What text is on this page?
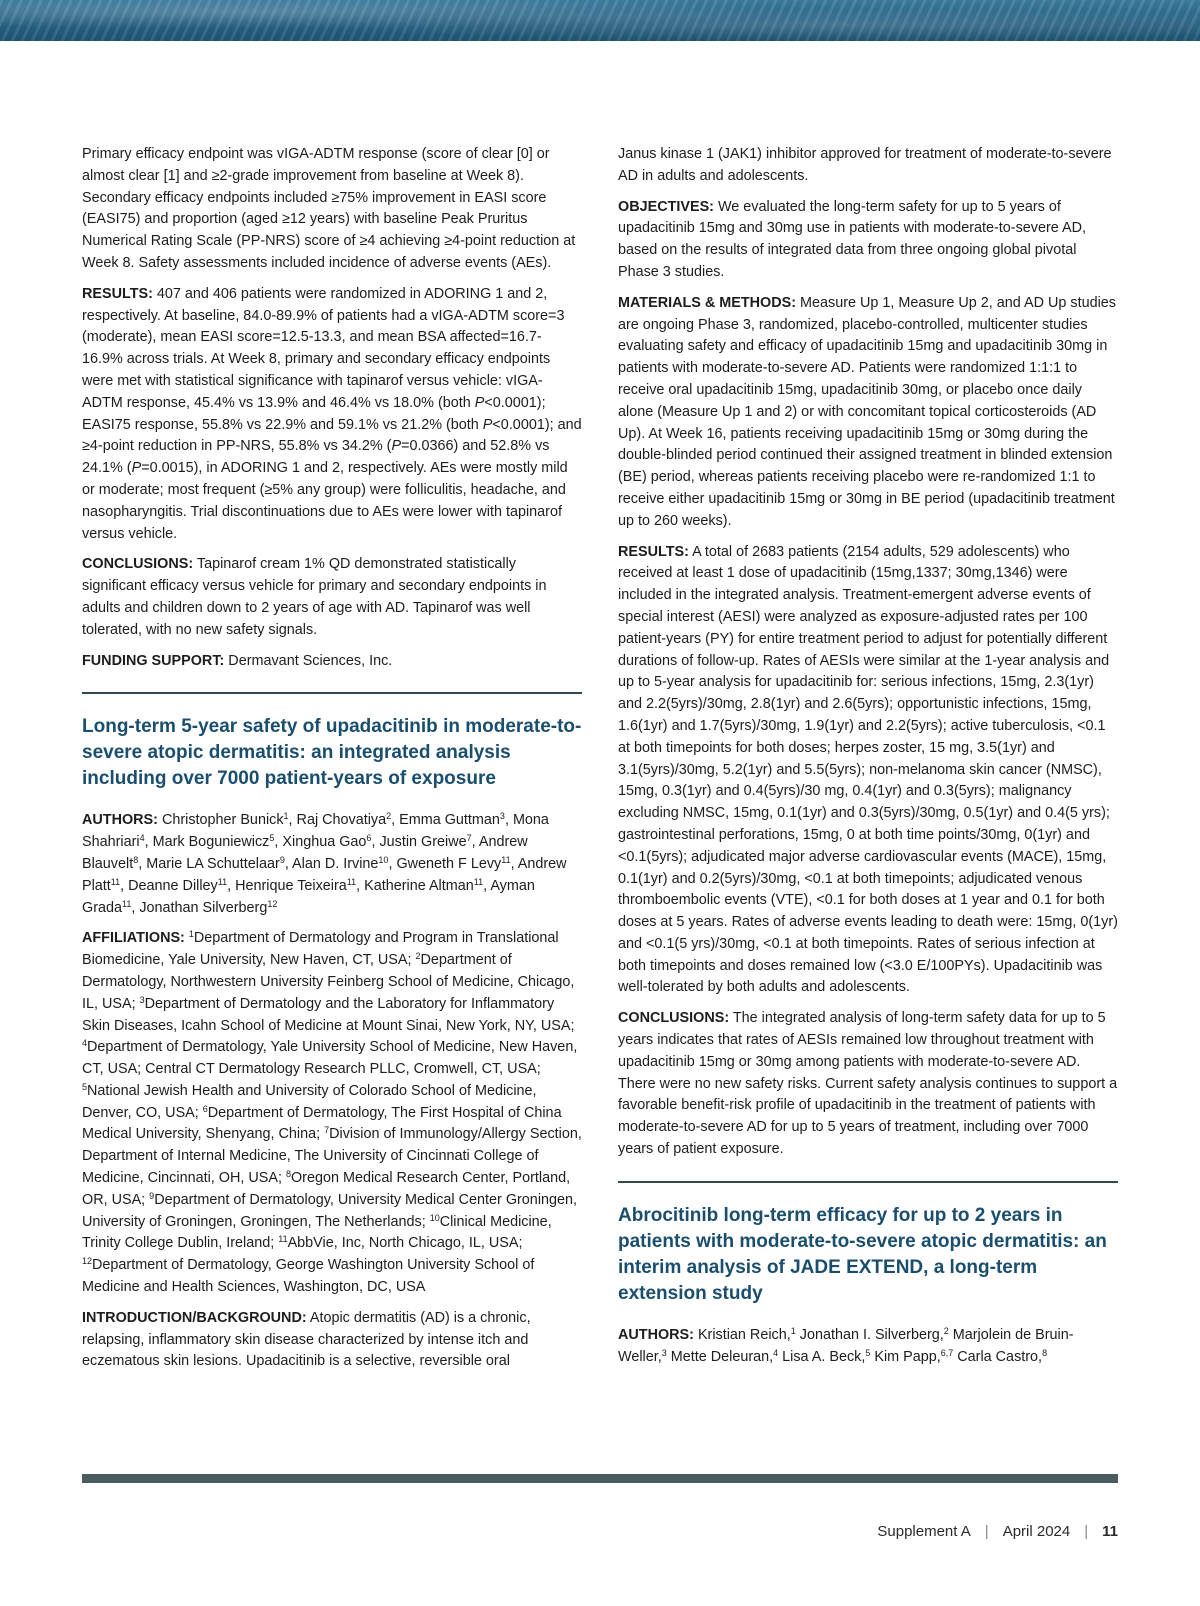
Primary efficacy endpoint was vIGA-ADTM response (score of clear [0] or almost clear [1] and ≥2-grade improvement from baseline at Week 8). Secondary efficacy endpoints included ≥75% improvement in EASI score (EASI75) and proportion (aged ≥12 years) with baseline Peak Pruritus Numerical Rating Scale (PP-NRS) score of ≥4 achieving ≥4-point reduction at Week 8. Safety assessments included incidence of adverse events (AEs).

RESULTS: 407 and 406 patients were randomized in ADORING 1 and 2, respectively. At baseline, 84.0-89.9% of patients had a vIGA-ADTM score=3 (moderate), mean EASI score=12.5-13.3, and mean BSA affected=16.7-16.9% across trials. At Week 8, primary and secondary efficacy endpoints were met with statistical significance with tapinarof versus vehicle: vIGA-ADTM response, 45.4% vs 13.9% and 46.4% vs 18.0% (both P<0.0001); EASI75 response, 55.8% vs 22.9% and 59.1% vs 21.2% (both P<0.0001); and ≥4-point reduction in PP-NRS, 55.8% vs 34.2% (P=0.0366) and 52.8% vs 24.1% (P=0.0015), in ADORING 1 and 2, respectively. AEs were mostly mild or moderate; most frequent (≥5% any group) were folliculitis, headache, and nasopharyngitis. Trial discontinuations due to AEs were lower with tapinarof versus vehicle.

CONCLUSIONS: Tapinarof cream 1% QD demonstrated statistically significant efficacy versus vehicle for primary and secondary endpoints in adults and children down to 2 years of age with AD. Tapinarof was well tolerated, with no new safety signals.

FUNDING SUPPORT: Dermavant Sciences, Inc.

Long-term 5-year safety of upadacitinib in moderate-to-severe atopic dermatitis: an integrated analysis including over 7000 patient-years of exposure

AUTHORS: Christopher Bunick$^1$, Raj Chovatiya$^2$, Emma Guttman$^3$, Mona Shahriari$^4$, Mark Boguniewicz$^5$, Xinghua Gao$^6$, Justin Greiwe$^7$, Andrew Blauvelt$^8$, Marie LA Schuttelaar$^9$, Alan D. Irvine$^{10}$, Gweneth F Levy$^{11}$, Andrew Platt$^{11}$, Deanne Dilley$^{11}$, Henrique Teixeira$^{11}$, Katherine Altman$^{11}$, Ayman Grada$^{11}$, Jonathan Silverberg$^{12}$

AFFILIATIONS: $^1$Department of Dermatology and Program in Translational Biomedicine, Yale University, New Haven, CT, USA; $^2$Department of Dermatology, Northwestern University Feinberg School of Medicine, Chicago, IL, USA; $^3$Department of Dermatology and the Laboratory for Inflammatory Skin Diseases, Icahn School of Medicine at Mount Sinai, New York, NY, USA; $^4$Department of Dermatology, Yale University School of Medicine, New Haven, CT, USA; Central CT Dermatology Research PLLC, Cromwell, CT, USA; $^5$National Jewish Health and University of Colorado School of Medicine, Denver, CO, USA; $^6$Department of Dermatology, The First Hospital of China Medical University, Shenyang, China; $^7$Division of Immunology/Allergy Section, Department of Internal Medicine, The University of Cincinnati College of Medicine, Cincinnati, OH, USA; $^8$Oregon Medical Research Center, Portland, OR, USA; $^9$Department of Dermatology, University Medical Center Groningen, University of Groningen, Groningen, The Netherlands; $^{10}$Clinical Medicine, Trinity College Dublin, Ireland; $^{11}$AbbVie, Inc, North Chicago, IL, USA; $^{12}$Department of Dermatology, George Washington University School of Medicine and Health Sciences, Washington, DC, USA

INTRODUCTION/BACKGROUND: Atopic dermatitis (AD) is a chronic, relapsing, inflammatory skin disease characterized by intense itch and eczematous skin lesions. Upadacitinib is a selective, reversible oral

Janus kinase 1 (JAK1) inhibitor approved for treatment of moderate-to-severe AD in adults and adolescents.

OBJECTIVES: We evaluated the long-term safety for up to 5 years of upadacitinib 15mg and 30mg use in patients with moderate-to-severe AD, based on the results of integrated data from three ongoing global pivotal Phase 3 studies.

MATERIALS & METHODS: Measure Up 1, Measure Up 2, and AD Up studies are ongoing Phase 3, randomized, placebo-controlled, multicenter studies evaluating safety and efficacy of upadacitinib 15mg and upadacitinib 30mg in patients with moderate-to-severe AD. Patients were randomized 1:1:1 to receive oral upadacitinib 15mg, upadacitinib 30mg, or placebo once daily alone (Measure Up 1 and 2) or with concomitant topical corticosteroids (AD Up). At Week 16, patients receiving upadacitinib 15mg or 30mg during the double-blinded period continued their assigned treatment in blinded extension (BE) period, whereas patients receiving placebo were re-randomized 1:1 to receive either upadacitinib 15mg or 30mg in BE period (upadacitinib treatment up to 260 weeks).

RESULTS: A total of 2683 patients (2154 adults, 529 adolescents) who received at least 1 dose of upadacitinib (15mg,1337; 30mg,1346) were included in the integrated analysis. Treatment-emergent adverse events of special interest (AESI) were analyzed as exposure-adjusted rates per 100 patient-years (PY) for entire treatment period to adjust for potentially different durations of follow-up. Rates of AESIs were similar at the 1-year analysis and up to 5-year analysis for upadacitinib for: serious infections, 15mg, 2.3(1yr) and 2.2(5yrs)/30mg, 2.8(1yr) and 2.6(5yrs); opportunistic infections, 15mg, 1.6(1yr) and 1.7(5yrs)/30mg, 1.9(1yr) and 2.2(5yrs); active tuberculosis, <0.1 at both timepoints for both doses; herpes zoster, 15 mg, 3.5(1yr) and 3.1(5yrs)/30mg, 5.2(1yr) and 5.5(5yrs); non-melanoma skin cancer (NMSC), 15mg, 0.3(1yr) and 0.4(5yrs)/30 mg, 0.4(1yr) and 0.3(5yrs); malignancy excluding NMSC, 15mg, 0.1(1yr) and 0.3(5yrs)/30mg, 0.5(1yr) and 0.4(5 yrs); gastrointestinal perforations, 15mg, 0 at both time points/30mg, 0(1yr) and <0.1(5yrs); adjudicated major adverse cardiovascular events (MACE), 15mg, 0.1(1yr) and 0.2(5yrs)/30mg, <0.1 at both timepoints; adjudicated venous thromboembolic events (VTE), <0.1 for both doses at 1 year and 0.1 for both doses at 5 years. Rates of adverse events leading to death were: 15mg, 0(1yr) and <0.1(5 yrs)/30mg, <0.1 at both timepoints. Rates of serious infection at both timepoints and doses remained low (<3.0 E/100PYs). Upadacitinib was well-tolerated by both adults and adolescents.

CONCLUSIONS: The integrated analysis of long-term safety data for up to 5 years indicates that rates of AESIs remained low throughout treatment with upadacitinib 15mg or 30mg among patients with moderate-to-severe AD. There were no new safety risks. Current safety analysis continues to support a favorable benefit-risk profile of upadacitinib in the treatment of patients with moderate-to-severe AD for up to 5 years of treatment, including over 7000 years of patient exposure.

Abrocitinib long-term efficacy for up to 2 years in patients with moderate-to-severe atopic dermatitis: an interim analysis of JADE EXTEND, a long-term extension study

AUTHORS: Kristian Reich,$^1$ Jonathan I. Silverberg,$^2$ Marjolein de Bruin-Weller,$^3$ Mette Deleuran,$^4$ Lisa A. Beck,$^5$ Kim Papp,$^{6,7}$ Carla Castro,$^8$

Supplement A | April 2024 | 11
